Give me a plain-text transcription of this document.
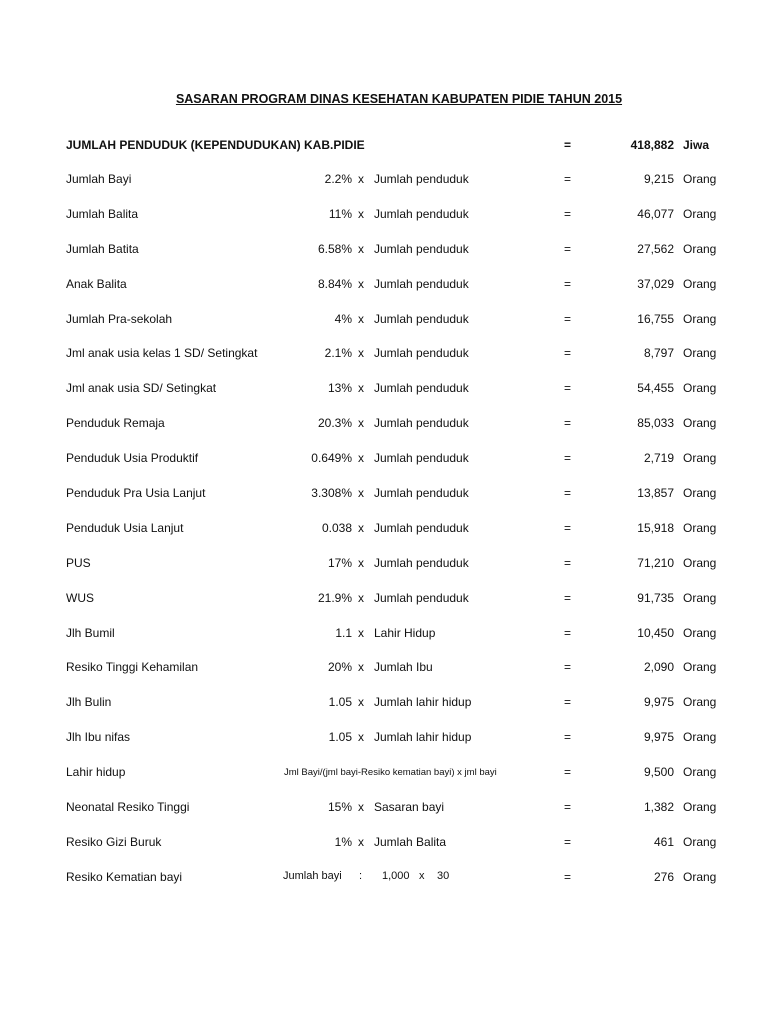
SASARAN PROGRAM DINAS KESEHATAN KABUPATEN PIDIE TAHUN 2015
JUMLAH PENDUDUK (KEPENDUDUKAN) KAB.PIDIE	=	418,882 Jiwa
Jumlah Bayi	2.2% x Jumlah penduduk	=	9,215 Orang
Jumlah Balita	11% x Jumlah penduduk	=	46,077 Orang
Jumlah Batita	6.58% x Jumlah penduduk	=	27,562 Orang
Anak Balita	8.84% x Jumlah penduduk	=	37,029 Orang
Jumlah Pra-sekolah	4% x Jumlah penduduk	=	16,755 Orang
Jml anak usia kelas 1 SD/ Setingkat	2.1% x Jumlah penduduk	=	8,797 Orang
Jml anak usia SD/ Setingkat	13% x Jumlah penduduk	=	54,455 Orang
Penduduk Remaja	20.3% x Jumlah penduduk	=	85,033 Orang
Penduduk Usia Produktif	0.649% x Jumlah penduduk	=	2,719 Orang
Penduduk Pra Usia Lanjut	3.308% x Jumlah penduduk	=	13,857 Orang
Penduduk Usia Lanjut	0.038 x Jumlah penduduk	=	15,918 Orang
PUS	17% x Jumlah penduduk	=	71,210 Orang
WUS	21.9% x Jumlah penduduk	=	91,735 Orang
Jlh Bumil	1.1 x Lahir Hidup	=	10,450 Orang
Resiko Tinggi Kehamilan	20% x Jumlah Ibu	=	2,090 Orang
Jlh Bulin	1.05 x Jumlah lahir hidup	=	9,975 Orang
Jlh Ibu nifas	1.05 x Jumlah lahir hidup	=	9,975 Orang
Lahir hidup	Jml Bayi/(jml bayi-Resiko kematian bayi) x jml bayi	=	9,500 Orang
Neonatal Resiko Tinggi	15% x Sasaran bayi	=	1,382 Orang
Resiko Gizi Buruk	1% x Jumlah Balita	=	461 Orang
Resiko Kematian bayi	Jumlah bayi : 1,000 x 30	=	276 Orang
